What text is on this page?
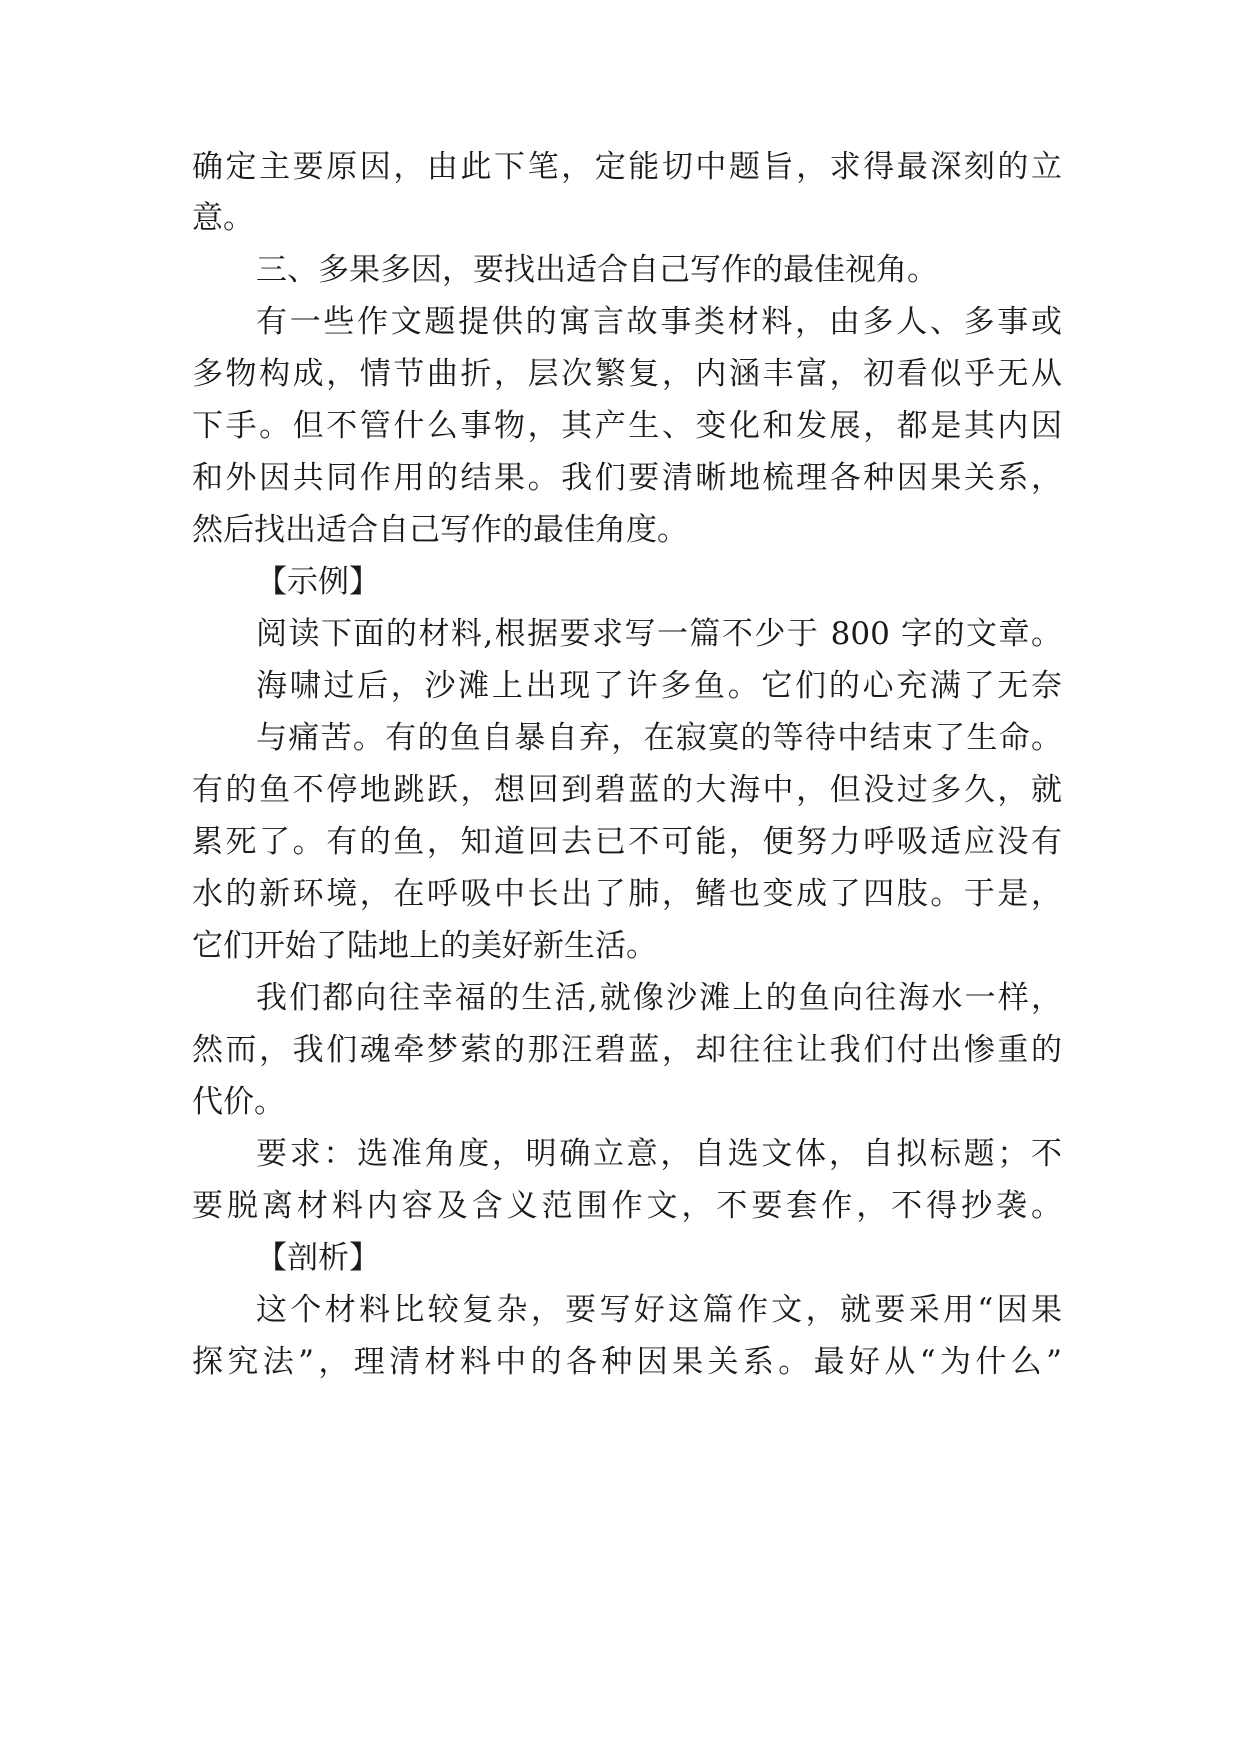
确定主要原因，由此下笔，定能切中题旨，求得最深刻的立
意。
三、多果多因，要找出适合自己写作的最佳视角。
有一些作文题提供的寓言故事类材料，由多人、多事或
多物构成，情节曲折，层次繁复，内涵丰富，初看似乎无从
下手。但不管什么事物，其产生、变化和发展，都是其内因
和外因共同作用的结果。我们要清晰地梳理各种因果关系，
然后找出适合自己写作的最佳角度。
【示例】
阅读下面的材料,根据要求写一篇不少于 800 字的文章。
海啸过后，沙滩上出现了许多鱼。它们的心充满了无奈
与痛苦。有的鱼自暴自弃，在寂寞的等待中结束了生命。
有的鱼不停地跳跃，想回到碧蓝的大海中，但没过多久，就
累死了。有的鱼，知道回去已不可能，便努力呼吸适应没有
水的新环境，在呼吸中长出了肺，鳍也变成了四肢。于是，
它们开始了陆地上的美好新生活。
我们都向往幸福的生活,就像沙滩上的鱼向往海水一样，
然而，我们魂牵梦萦的那汪碧蓝，却往往让我们付出惨重的
代价。
要求：选准角度，明确立意，自选文体，自拟标题；不
要脱离材料内容及含义范围作文，不要套作，不得抄袭。
【剖析】
这个材料比较复杂，要写好这篇作文，就要采用“因果
探究法”，理清材料中的各种因果关系。最好从“为什么”
